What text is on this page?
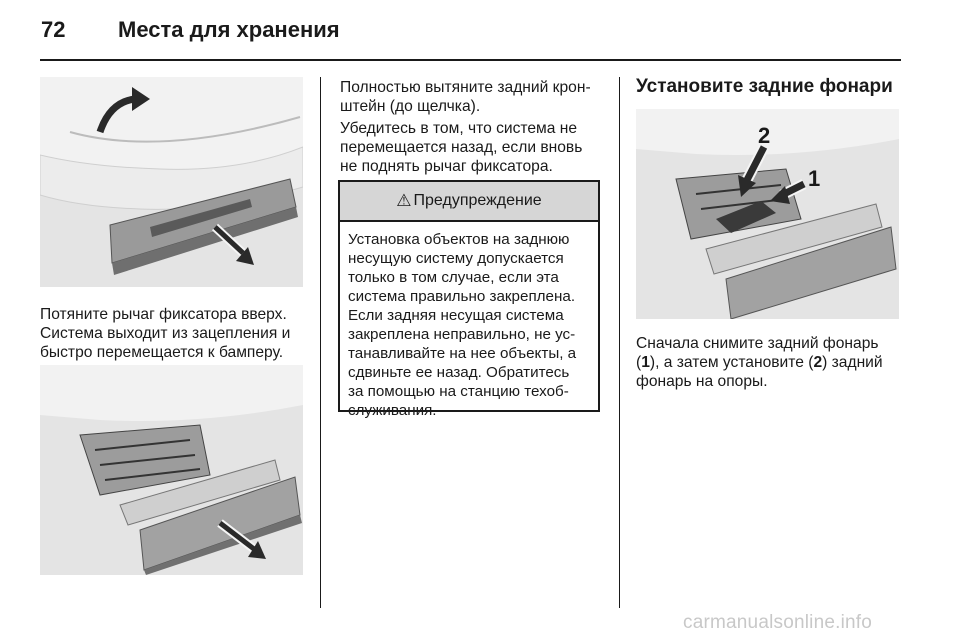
72 Места для хранения

Потяните рычаг фиксатора вверх.
Система выходит из зацепления и
быстро перемещается к бамперу.

Полностью вытяните задний крон-
штейн (до щелчка).

Убедитесь в том, что система не
перемещается назад, если вновь
не поднять рычаг фиксатора.

⚠ Предупреждение
Установка объектов на заднюю
несущую систему допускается
только в том случае, если эта
система правильно закреплена.
Если задняя несущая система
закреплена неправильно, не ус-
танавливайте на нее объекты, а
сдвиньте ее назад. Обратитесь
за помощью на станцию техоб-
служивания.
Установите задние фонари
2
1

Сначала снимите задний фонарь
(1), а затем установите (2) задний
фонарь на опоры.

carmanualsonline.info
